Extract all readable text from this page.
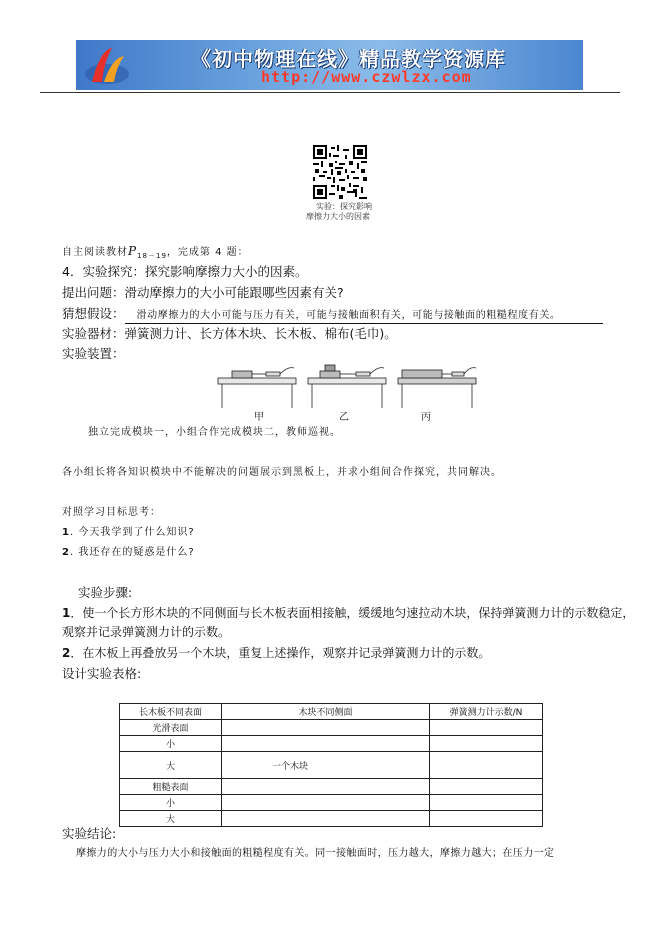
《初中物理在线》精品教学资源库
http://www.czwlzx.com
实验：探究影响
摩擦力大小的因素
自主阅读教材$P_{18-19}$，完成第 4 题：
4．实验探究：探究影响摩擦力大小的因素。
提出问题：滑动摩擦力的大小可能跟哪些因素有关?
猜想假设： 滑动摩擦力的大小可能与压力有关，可能与接触面积有关，可能与接触面的粗糙程度有关。
实验器材：弹簧测力计、长方体木块、长木板、棉布(毛巾)。
实验装置：
甲	乙	丙
独立完成模块一，小组合作完成模块二，教师巡视。
各小组长将各知识模块中不能解决的问题展示到黑板上，并求小组间合作探究，共同解决。
对照学习目标思考：
1. 今天我学到了什么知识?
2. 我还存在的疑惑是什么?
实验步骤:
1．使一个长方形木块的不同侧面与长木板表面相接触，缓缓地匀速拉动木块，保持弹簧测力计的示数稳定，
观察并记录弹簧测力计的示数。
2．在木板上再叠放另一个木块，重复上述操作，观察并记录弹簧测力计的示数。
设计实验表格:
长木板不同表面	木块不同侧面	弹簧测力计示数/N
光滑表面		
小		
大	一个木块	
粗糙表面		
小		
大		
实验结论:
摩擦力的大小与压力大小和接触面的粗糙程度有关。同一接触面时，压力越大，摩擦力越大；在压力一定
